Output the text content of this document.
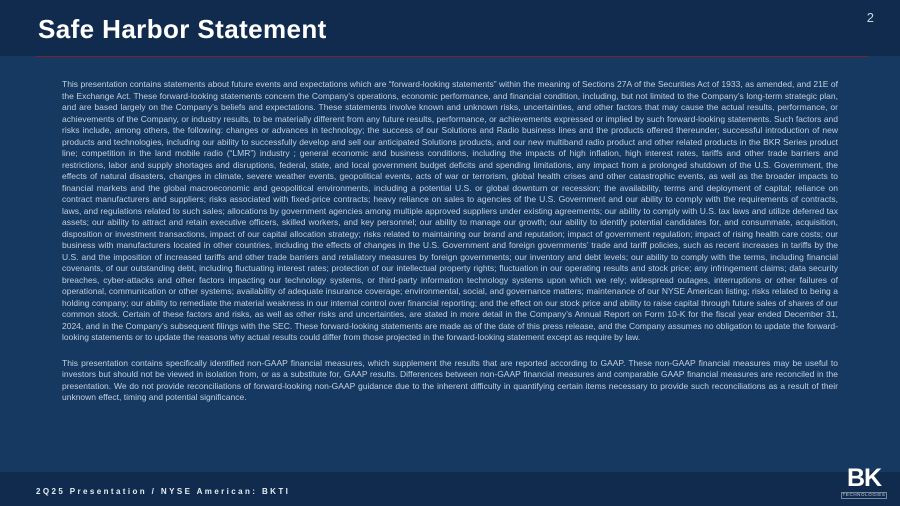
Safe Harbor Statement	2

This presentation contains statements about future events and expectations which are “forward-looking statements” within the meaning of Sections 27A of the Securities Act of 1933, as amended, and 21E of the Exchange Act. These forward-looking statements concern the Company’s operations, economic performance, and financial condition, including, but not limited to the Company’s long-term strategic plan, and are based largely on the Company’s beliefs and expectations. These statements involve known and unknown risks, uncertainties, and other factors that may cause the actual results, performance, or achievements of the Company, or industry results, to be materially different from any future results, performance, or achievements expressed or implied by such forward-looking statements. Such factors and risks include, among others, the following: changes or advances in technology; the success of our Solutions and Radio business lines and the products offered thereunder; successful introduction of new products and technologies, including our ability to successfully develop and sell our anticipated Solutions products, and our new multiband radio product and other related products in the BKR Series product line; competition in the land mobile radio (“LMR”) industry ; general economic and business conditions, including the impacts of high inflation, high interest rates, tariffs and other trade barriers and restrictions, labor and supply shortages and disruptions, federal, state, and local government budget deficits and spending limitations, any impact from a prolonged shutdown of the U.S. Government, the effects of natural disasters, changes in climate, severe weather events, geopolitical events, acts of war or terrorism, global health crises and other catastrophic events, as well as the broader impacts to financial markets and the global macroeconomic and geopolitical environments, including a potential U.S. or global downturn or recession; the availability, terms and deployment of capital; reliance on contract manufacturers and suppliers; risks associated with fixed-price contracts; heavy reliance on sales to agencies of the U.S. Government and our ability to comply with the requirements of contracts, laws, and regulations related to such sales; allocations by government agencies among multiple approved suppliers under existing agreements; our ability to comply with U.S. tax laws and utilize deferred tax assets; our ability to attract and retain executive officers, skilled workers, and key personnel; our ability to manage our growth; our ability to identify potential candidates for, and consummate, acquisition, disposition or investment transactions, impact of our capital allocation strategy; risks related to maintaining our brand and reputation; impact of government regulation; impact of rising health care costs; our business with manufacturers located in other countries, including the effects of changes in the U.S. Government and foreign governments’ trade and tariff policies, such as recent increases in tariffs by the U.S. and the imposition of increased tariffs and other trade barriers and retaliatory measures by foreign governments; our inventory and debt levels; our ability to comply with the terms, including financial covenants, of our outstanding debt, including fluctuating interest rates; protection of our intellectual property rights; fluctuation in our operating results and stock price; any infringement claims; data security breaches, cyber-attacks and other factors impacting our technology systems, or third-party information technology systems upon which we rely; widespread outages, interruptions or other failures of operational, communication or other systems; availability of adequate insurance coverage; environmental, social, and governance matters; maintenance of our NYSE American listing; risks related to being a holding company; our ability to remediate the material weakness in our internal control over financial reporting; and the effect on our stock price and ability to raise capital through future sales of shares of our common stock. Certain of these factors and risks, as well as other risks and uncertainties, are stated in more detail in the Company’s Annual Report on Form 10-K for the fiscal year ended December 31, 2024, and in the Company’s subsequent filings with the SEC. These forward-looking statements are made as of the date of this press release, and the Company assumes no obligation to update the forward-looking statements or to update the reasons why actual results could differ from those projected in the forward-looking statement except as require by law.

This presentation contains specifically identified non-GAAP financial measures, which supplement the results that are reported according to GAAP. These non-GAAP financial measures may be useful to investors but should not be viewed in isolation from, or as a substitute for, GAAP results. Differences between non-GAAP financial measures and comparable GAAP financial measures are reconciled in the presentation. We do not provide reconciliations of forward-looking non-GAAP guidance due to the inherent difficulty in quantifying certain items necessary to provide such reconciliations as a result of their unknown effect, timing and potential significance.

2Q25 Presentation / NYSE American: BKTI	BK
TECHNOLOGIES
